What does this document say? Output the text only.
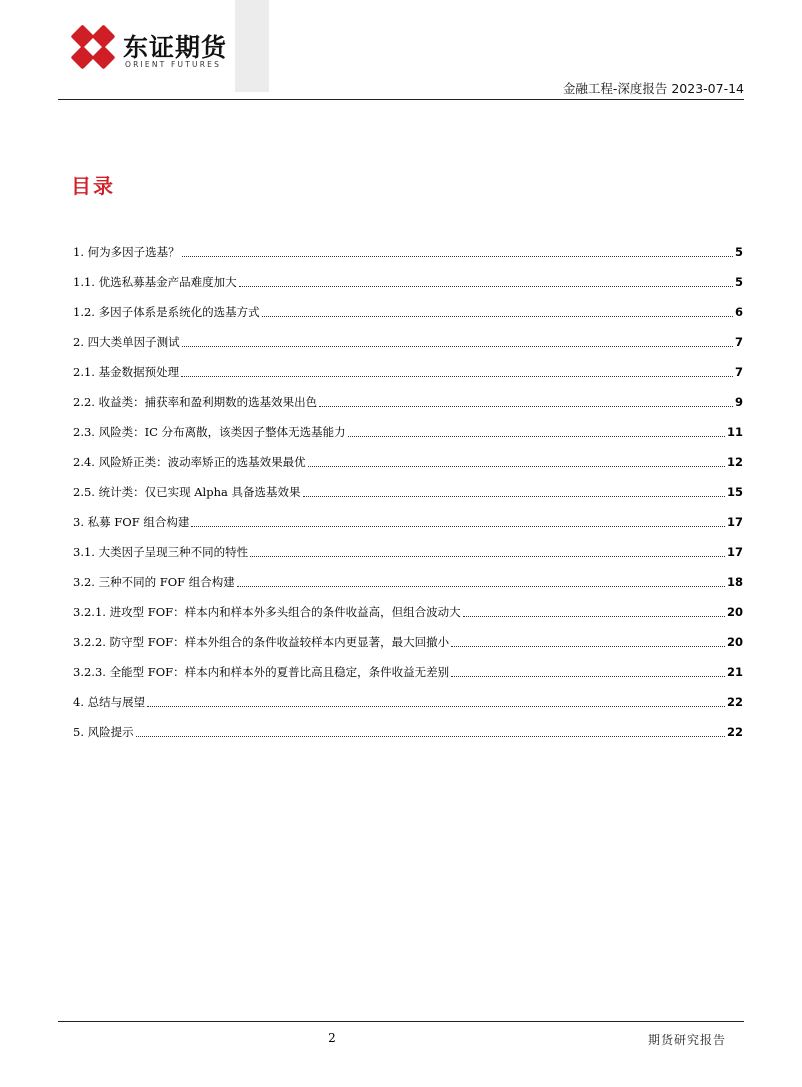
东证期货
ORIENT FUTURES
金融工程-深度报告 2023-07-14
目录
1. 何为多因子选基？	5
1.1. 优选私募基金产品难度加大	5
1.2. 多因子体系是系统化的选基方式	6
2. 四大类单因子测试	7
2.1. 基金数据预处理	7
2.2. 收益类：捕获率和盈利期数的选基效果出色	9
2.3. 风险类：IC 分布离散，该类因子整体无选基能力	11
2.4. 风险矫正类：波动率矫正的选基效果最优	12
2.5. 统计类：仅已实现 Alpha 具备选基效果	15
3. 私募 FOF 组合构建	17
3.1. 大类因子呈现三种不同的特性	17
3.2. 三种不同的 FOF 组合构建	18
3.2.1. 进攻型 FOF：样本内和样本外多头组合的条件收益高，但组合波动大	20
3.2.2. 防守型 FOF：样本外组合的条件收益较样本内更显著，最大回撤小	20
3.2.3. 全能型 FOF：样本内和样本外的夏普比高且稳定，条件收益无差别	21
4. 总结与展望	22
5. 风险提示	22
2	期货研究报告
